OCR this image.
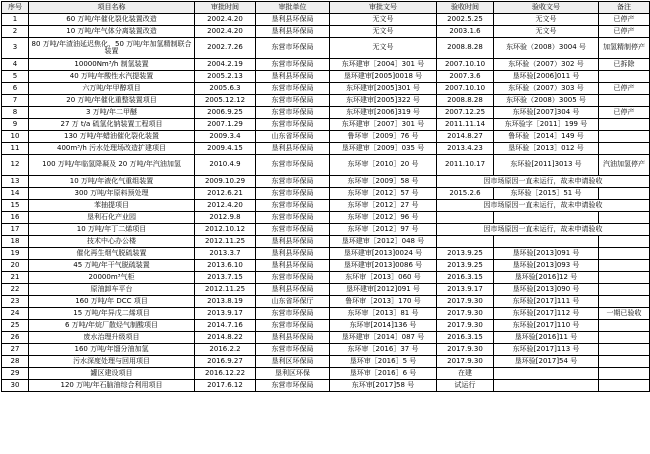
序号	项目名称	审批时间	审批单位	审批文号	验收时间	验收文号	备注
1	60 万吨/年催化裂化装置改造	2002.4.20	垦利县环保局	无文号	2002.5.25	无文号	已停产
2	10 万吨/年气体分离装置改造	2002.4.20	垦利县环保局	无文号	2003.1.6	无文号	已停产
3	80 万吨/年渣油延迟焦化、50 万吨/年加氢精制联合装置	2002.7.26	东营市环保局	无文号	2008.8.28	东环验（2008）3004 号	加氢精制停产
4	10000Nm³/h 制氢装置	2004.2.19	东营市环保局	东环建审［2004］301 号	2007.10.10	东环验（2007）302 号	已拆除
5	40 万吨/年酸性水汽提装置	2005.2.13	垦利县环保局	垦环建审[2005]0018 号	2007.3.6	垦环验[2006]011 号	
6	六万吨/年甲醇项目	2005.6.3	东营市环保局	东环建审[2005]301 号	2007.10.10	东环验（2007）303 号	已停产
7	20 万吨/年催化重整装置项目	2005.12.12	东营市环保局	东环建审[2005]322 号	2008.8.28	东环验（2008）3005 号	
8	3 万吨/年二甲醚	2006.9.25	东营市环保局	东环建审[2006]319 号	2007.12.25	东环验[2007]304 号	已停产
9	27 万 t/a 硫氢化钠装置工程项目	2007.1.29	东营市环保局	东环建审［2007］301 号	2011.11.14	东环验字［2011］199 号	
10	130 万吨/年蜡油催化裂化装置	2009.3.4	山东省环保局	鲁环审［2009］76 号	2014.8.27	鲁环验［2014］149 号	
11	400m³/h 污水处理场改造扩建项目	2009.4.15	垦利县环保局	垦环建审［2009］035 号	2013.4.23	垦环验［2013］012 号	
12	100 万吨/年临氢降凝及 20 万吨/年汽油加氢	2010.4.9	东营市环保局	东环审［2010］20 号	2011.10.17	东环验[2011]3013 号	汽油加氢停产
13	10 万吨/年液化气重组装置	2009.10.29	东营市环保局	东环审［2009］58 号	因市场原因一直未运行，故未申请验收		
14	300 万吨/年原料预处理	2012.6.21	东营市环保局	东环审［2012］57 号	2015.2.6	东环验［2015］51 号	
15	苯抽提项目	2012.4.20	东营市环保局	东环审［2012］27 号	因市场原因一直未运行，故未申请验收		
16	垦利石化产业园	2012.9.8	东营市环保局	东环审［2012］96 号			
17	10 万吨/年丁二烯项目	2012.10.12	东营市环保局	东环审［2012］97 号	因市场原因一直未运行，故未申请验收		
18	技术中心办公楼	2012.11.25	垦利县环保局	垦环建审［2012］048 号			
19	催化再生烟气脱硫装置	2013.3.7	垦利县环保局	垦环建审[2013]0024 号	2013.9.25	垦环验[2013]091 号	
20	45 万吨/年干气脱硫装置	2013.6.10	垦利县环保局	垦环建审[2013]0086 号	2013.9.25	垦环验[2013]093 号	
21	20000m³气柜	2013.7.15	东营市环保局	东环审［2013］060 号	2016.3.15	垦环验[2016]12 号	
22	原油卸车平台	2012.11.25	垦利县环保局	垦环建审[2012]091 号	2013.9.17	垦环验[2013]090 号	
23	160 万吨/年 DCC 项目	2013.8.19	山东省环保厅	鲁环审［2013］170 号	2017.9.30	东环验[2017]111 号	
24	15 万吨/年异戊二烯项目	2013.9.17	东营市环保局	东环审［2013］81 号	2017.9.30	东环验[2017]112 号	一期已验收
25	6 万吨/年烷厂散烃气制酸项目	2014.7.16	东营市环保局	东环审[2014]136 号	2017.9.30	东环验[2017]110 号	
26	废水治理升级项目	2014.8.22	垦利县环保局	垦环建审［2014］087 号	2016.3.15	垦环验[2016]11 号	
27	160 万吨/年馏分油加氢	2016.2.2	东营市环保局	东环审［2016］37 号	2017.9.30	东环验[2017]113 号	
28	污水深度处理与回用项目	2016.9.27	垦利区环保局	垦环审［2016］5 号	2017.9.30	垦环验[2017]54 号	
29	罐区建设项目	2016.12.22	垦利区环保	垦环审［2016］6 号	在建		
30	120 万吨/年石脑油综合利用项目	2017.6.12	东营市环保局	东环审[2017]58 号	试运行		
